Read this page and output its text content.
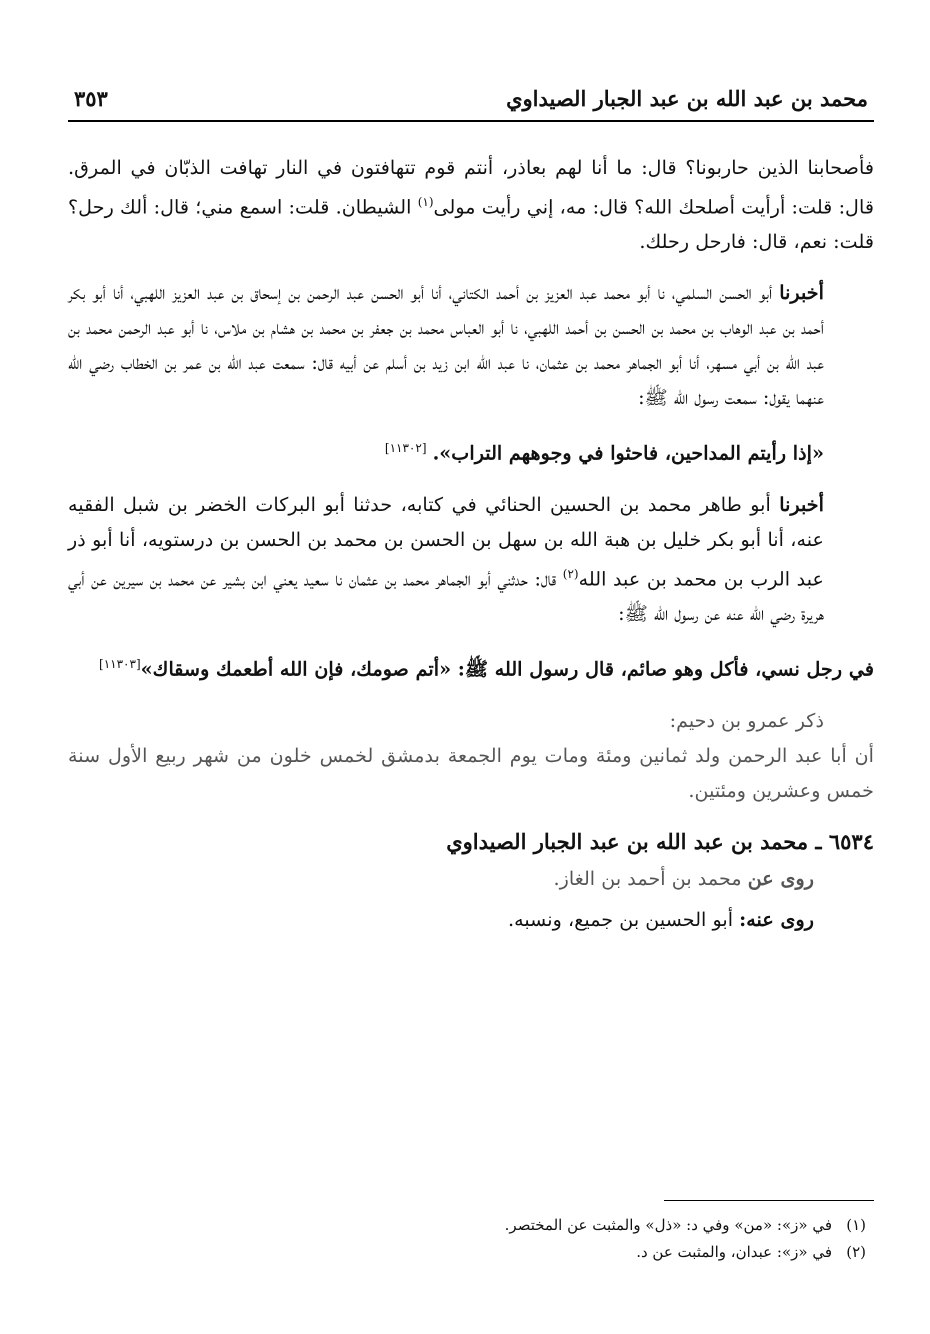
محمد بن عبد الله بن عبد الجبار الصيداوي
٣٥٣

فأصحابنا الذين حاربونا؟ قال: ما أنا لهم بعاذر، أنتم قوم تتهافتون في النار تهافت الذبّان في المرق. قال: قلت: أرأيت أصلحك الله؟ قال: مه، إني رأيت مولى$^{(١)}$ الشيطان. قلت: اسمع مني؛ قال: ألك رحل؟ قلت: نعم، قال: فارحل رحلك.

أخبرنا أبو الحسن السلمي، نا أبو محمد عبد العزيز بن أحمد الكتاني، أنا أبو الحسن عبد الرحمن بن إسحاق بن عبد العزيز اللهبي، أنا أبو بكر أحمد بن عبد الوهاب بن محمد بن الحسن بن أحمد اللهبي، نا أبو العباس محمد بن جعفر بن محمد بن هشام بن ملاس، نا أبو عبد الرحمن محمد بن عبد الله بن أبي مسهر، أنا أبو الجماهر محمد بن عثمان، نا عبد الله ابن زيد بن أسلم عن أبيه قال: سمعت عبد الله بن عمر بن الخطاب رضي الله عنهما يقول: سمعت رسول الله ﷺ:

«إذا رأيتم المداحين، فاحثوا في وجوههم التراب». [١١٣٠٢]

أخبرنا أبو طاهر محمد بن الحسين الحنائي في كتابه، حدثنا أبو البركات الخضر بن شبل الفقيه عنه، أنا أبو بكر خليل بن هبة الله بن سهل بن الحسن بن محمد بن الحسن بن درستويه، أنا أبو ذر عبد الرب بن محمد بن عبد الله$^{(٢)}$ قال: حدثني أبو الجماهر محمد بن عثمان نا سعيد يعني ابن بشير عن محمد بن سيرين عن أبي هريرة رضي الله عنه عن رسول الله ﷺ:

في رجل نسي، فأكل وهو صائم، قال رسول الله ﷺ: «أتم صومك، فإن الله أطعمك وسقاك»[١١٣٠٣]

ذكر عمرو بن دحيم:

أن أبا عبد الرحمن ولد ثمانين ومئة ومات يوم الجمعة بدمشق لخمس خلون من شهر ربيع الأول سنة خمس وعشرين ومئتين.

٦٥٣٤ ـ محمد بن عبد الله بن عبد الجبار الصيداوي

روى عن محمد بن أحمد بن الغاز.

روى عنه: أبو الحسين بن جميع، ونسبه.

(١)في «ز»: «من» وفي د: «ذل» والمثبت عن المختصر.

(٢)في «ز»: عبدان، والمثبت عن د.
